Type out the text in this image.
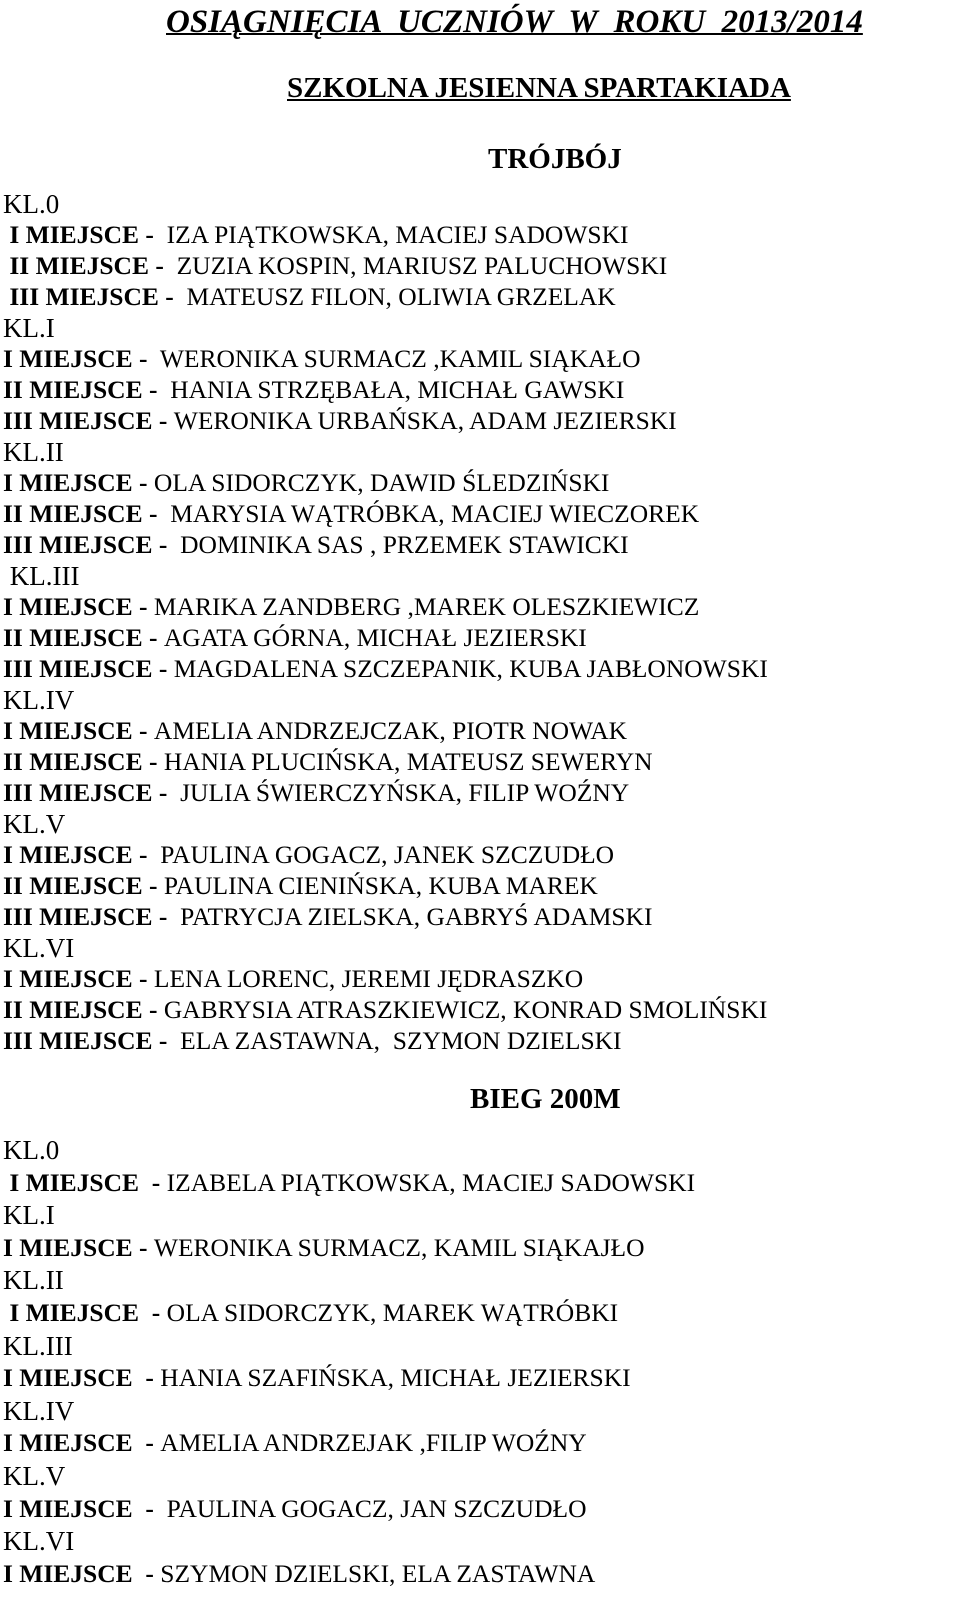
OSIĄGNIĘCIA  UCZNIÓW  W  ROKU  2013/2014
SZKOLNA JESIENNA SPARTAKIADA
TRÓJBÓJ
KL.0
I MIEJSCE -  IZA PIĄTKOWSKA, MACIEJ SADOWSKI
II MIEJSCE -  ZUZIA KOSPIN, MARIUSZ PALUCHOWSKI
III MIEJSCE -  MATEUSZ FILON, OLIWIA GRZELAK
KL.I
I MIEJSCE -  WERONIKA SURMACZ ,KAMIL SIĄKAŁO
II MIEJSCE -  HANIA STRZĘBAŁA, MICHAŁ GAWSKI
III MIEJSCE - WERONIKA URBAŃSKA, ADAM JEZIERSKI
KL.II
I MIEJSCE - OLA SIDORCZYK, DAWID ŚLEDZIŃSKI
II MIEJSCE -  MARYSIA WĄTRÓBKA, MACIEJ WIECZOREK
III MIEJSCE -  DOMINIKA SAS , PRZEMEK STAWICKI
KL.III
I MIEJSCE - MARIKA ZANDBERG ,MAREK OLESZKIEWICZ
II MIEJSCE - AGATA GÓRNA, MICHAŁ JEZIERSKI
III MIEJSCE - MAGDALENA SZCZEPANIK, KUBA JABŁONOWSKI
KL.IV
I MIEJSCE - AMELIA ANDRZEJCZAK, PIOTR NOWAK
II MIEJSCE - HANIA PLUCIŃSKA, MATEUSZ SEWERYN
III MIEJSCE -  JULIA ŚWIERCZYŃSKA, FILIP WOŹNY
KL.V
I MIEJSCE -  PAULINA GOGACZ, JANEK SZCZUDŁO
II MIEJSCE - PAULINA CIENIŃSKA, KUBA MAREK
III MIEJSCE -  PATRYCJA ZIELSKA, GABRYŚ ADAMSKI
KL.VI
I MIEJSCE - LENA LORENC, JEREMI JĘDRASZKO
II MIEJSCE - GABRYSIA ATRASZKIEWICZ, KONRAD SMOLIŃSKI
III MIEJSCE -  ELA ZASTAWNA,  SZYMON DZIELSKI
BIEG 200M
KL.0
I MIEJSCE  - IZABELA PIĄTKOWSKA, MACIEJ SADOWSKI
KL.I
I MIEJSCE - WERONIKA SURMACZ, KAMIL SIĄKAJŁO
KL.II
I MIEJSCE  - OLA SIDORCZYK, MAREK WĄTRÓBKI
KL.III
I MIEJSCE  - HANIA SZAFIŃSKA, MICHAŁ JEZIERSKI
KL.IV
I MIEJSCE  - AMELIA ANDRZEJAK ,FILIP WOŹNY
KL.V
I MIEJSCE  -  PAULINA GOGACZ, JAN SZCZUDŁO
KL.VI
I MIEJSCE  - SZYMON DZIELSKI, ELA ZASTAWNA
